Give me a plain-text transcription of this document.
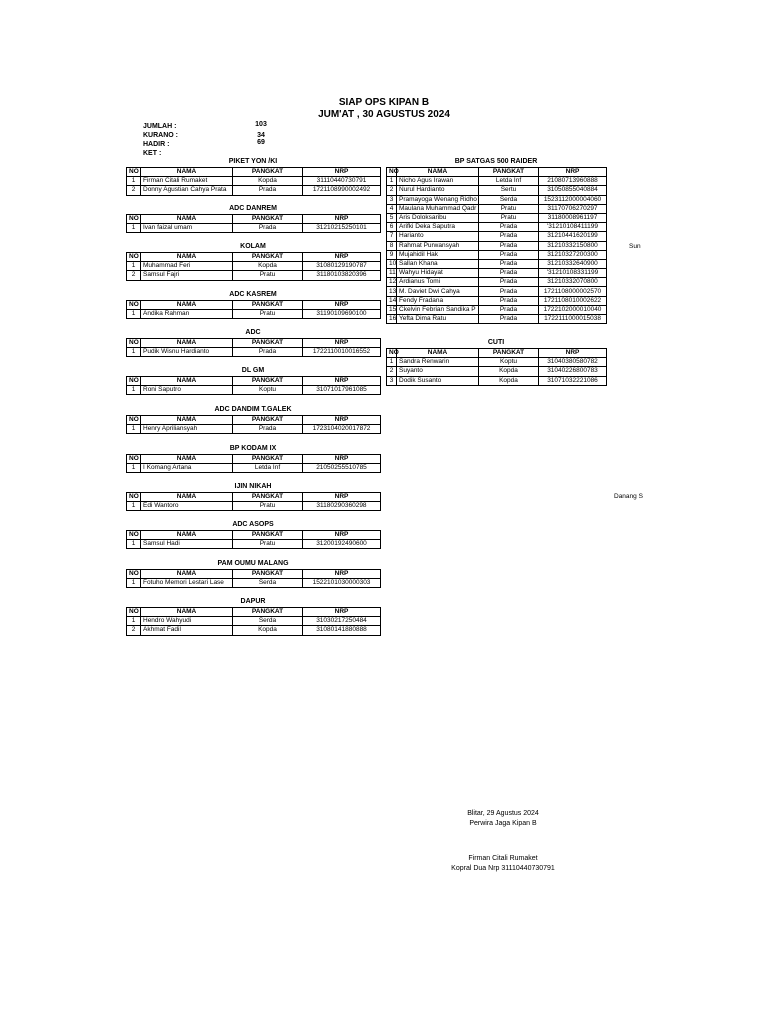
SIAP OPS KIPAN B
JUM'AT , 30 AGUSTUS 2024
JUMLAH :	103
KURANO :	34
HADIR :	69
KET :
PIKET YON /KI
NO	NAMA	PANGKAT	NRP
1	Firman Citali Rumaket	Kopda	31110440730791
2	Donny Agustian Cahya Prata	Prada	1721108990002492
ADC DANREM
NO	NAMA	PANGKAT	NRP
1	Ivan faizal umam	Prada	31210215250101
KOLAM
NO	NAMA	PANGKAT	NRP
1	Muhammad Feri	Kopda	31080129190787
2	Samsul Fajri	Pratu	31180103820396
ADC KASREM
NO	NAMA	PANGKAT	NRP
1	Andika Rahman	Pratu	31190109690100
ADC
NO	NAMA	PANGKAT	NRP
1	Pudik Wisnu Hardianto	Prada	1722110010016552
DL GM
NO	NAMA	PANGKAT	NRP
1	Roni Saputro	Koptu	31071017961085
ADC DANDIM T.GALEK
NO	NAMA	PANGKAT	NRP
1	Henry Apriliansyah	Prada	1723104020017872
BP KODAM IX
NO	NAMA	PANGKAT	NRP
1	I Komang Artana	Letda Inf	21050255510785
IJIN NIKAH
NO	NAMA	PANGKAT	NRP
1	Edi Wantoro	Pratu	31180290360298
ADC ASOPS
NO	NAMA	PANGKAT	NRP
1	Samsul Hadi	Pratu	31200192490600
PAM OUMU MALANG
NO	NAMA	PANGKAT	NRP
1	Fotuho Memori Lestari Lase	Serda	1522101030000303
DAPUR
NO	NAMA	PANGKAT	NRP
1	Hendro Wahyudi	Serda	31030217250484
2	Akhmat Fadil	Kopda	31080141880888
BP SATGAS 500 RAIDER
NO	NAMA	PANGKAT	NRP
1	Nicho Agus Irawan	Letda Inf	21080713960888
2	Nurul Hardianto	Sertu	31050855040884
3	Pramayoga Wenang Ridho	Serda	1523112000004060
4	Maulana Muhammad Qadr	Pratu	31170706270297
5	Aris Doloksaribu	Pratu	31180008961197
6	Arifki Deka Saputra	Prada	'31210108411199
7	Harianto	Prada	31210441620199
8	Rahmat Purwansyah	Prada	31210332150800
9	Mujahidil Hak	Prada	31210327200300
10	Sallan Khana	Prada	31210332640900
11	Wahyu Hidayat	Prada	'31210108331199
12	Ardianus Tomi	Prada	31210332070800
13	M. Daviet Dwi Cahya	Prada	1721108000002570
14	Fendy Fradana	Prada	1721108010002622
15	Ckelvin Febrian Sandika P	Prada	1722102000010040
16	Yefta Dima Ratu	Prada	1722111000015038
CUTI
NO	NAMA	PANGKAT	NRP
1	Sandra Renwarin	Koptu	31040380580782
2	Suyanto	Kopda	31040226800783
3	Dodik Susanto	Kopda	31071032221086
Sun
Danang S
Blitar, 29 Agustus 2024
Perwira Jaga Kipan B
Firman Citali Rumaket
Kopral Dua Nrp 31110440730791
